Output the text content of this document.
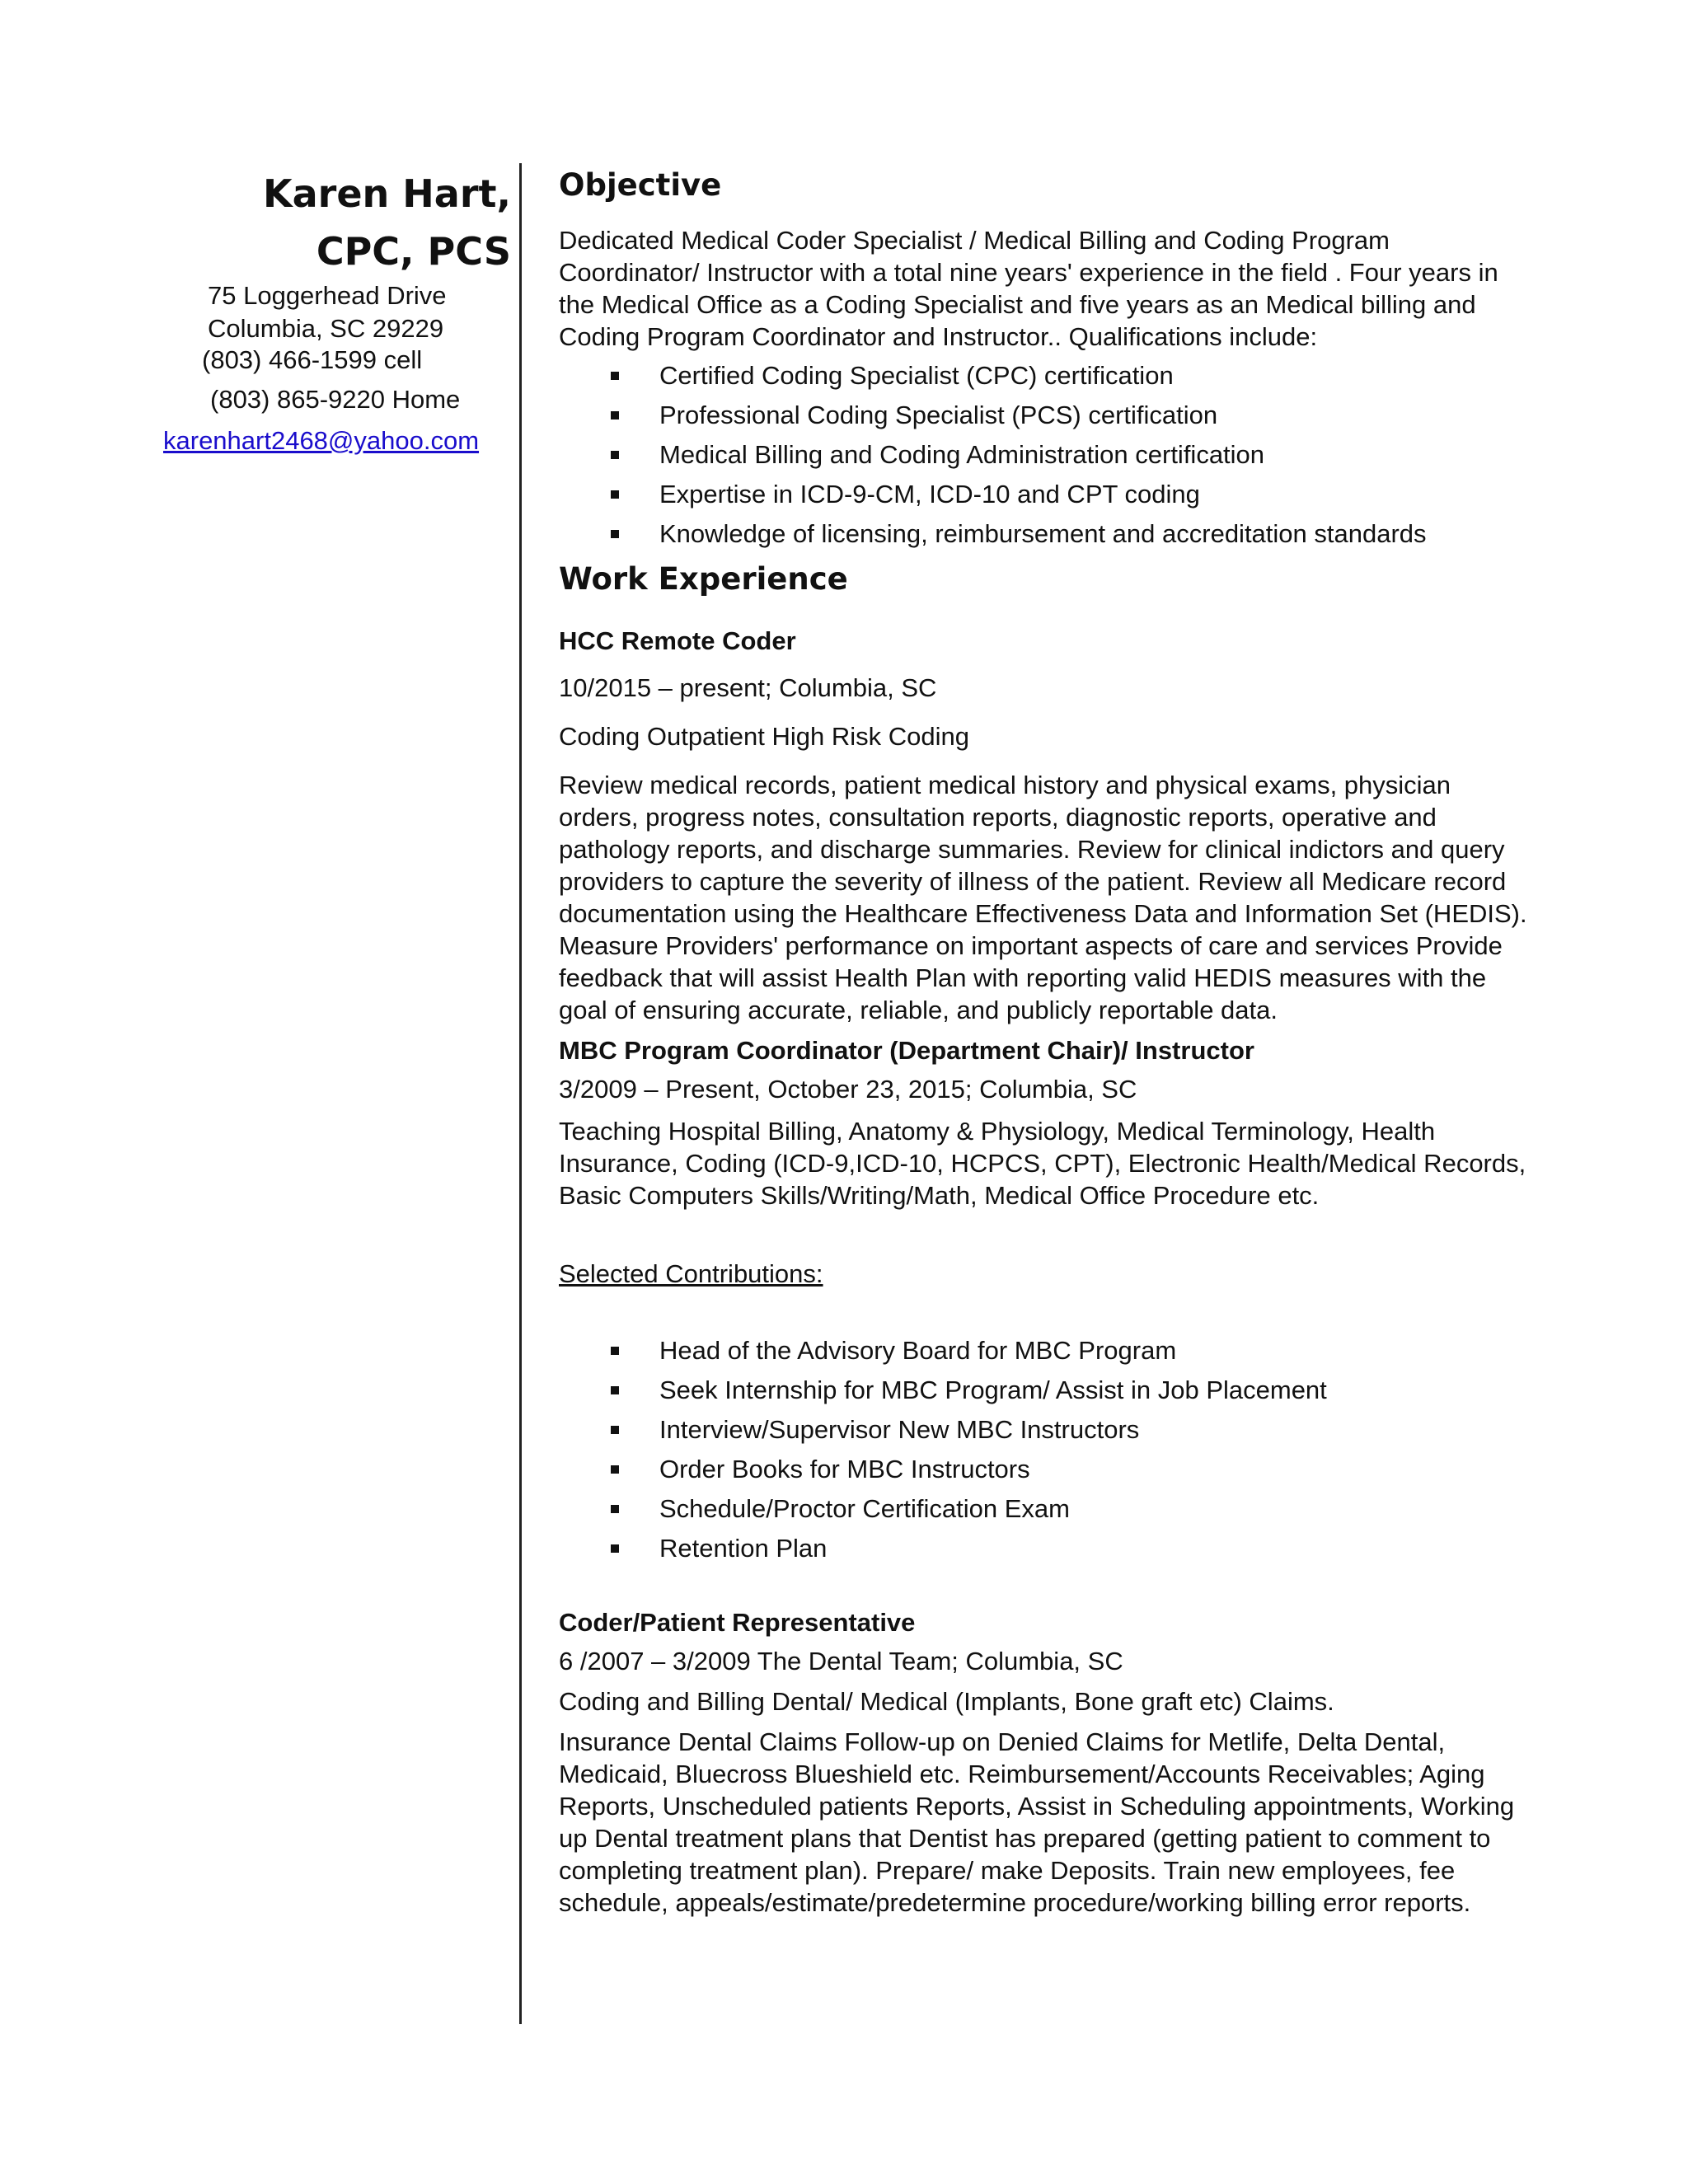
Karen Hart,

CPC, PCS

75 Loggerhead Drive
Columbia, SC 29229
(803) 466-1599 cell
(803) 865-9220 Home
karenhart2468@yahoo.com

Objective

Dedicated Medical Coder Specialist / Medical Billing and Coding Program Coordinator/ Instructor with a total nine years' experience in the field . Four years in the Medical Office as a Coding Specialist and five years as an Medical billing and Coding Program Coordinator and Instructor.. Qualifications include:

Certified Coding Specialist (CPC) certification
Professional Coding Specialist (PCS) certification
Medical Billing and Coding Administration certification
Expertise in ICD-9-CM, ICD-10 and CPT coding
Knowledge of licensing, reimbursement and accreditation standards

Work Experience

HCC Remote Coder

10/2015 – present; Columbia, SC

Coding Outpatient High Risk Coding

Review medical records, patient medical history and physical exams, physician orders, progress notes, consultation reports, diagnostic reports, operative and pathology reports, and discharge summaries. Review for clinical indictors and query providers to capture the severity of illness of the patient. Review all Medicare record documentation using the Healthcare Effectiveness Data and Information Set (HEDIS). Measure Providers' performance on important aspects of care and services Provide feedback that will assist Health Plan with reporting valid HEDIS measures with the goal of ensuring accurate, reliable, and publicly reportable data.

MBC Program Coordinator (Department Chair)/ Instructor

3/2009 – Present, October 23, 2015; Columbia, SC

Teaching Hospital Billing, Anatomy & Physiology, Medical Terminology, Health Insurance, Coding (ICD-9,ICD-10, HCPCS, CPT), Electronic Health/Medical Records, Basic Computers Skills/Writing/Math, Medical Office Procedure etc.

Selected Contributions:

Head of the Advisory Board for MBC Program
Seek Internship for MBC Program/ Assist in Job Placement
Interview/Supervisor New MBC Instructors
Order Books for MBC Instructors
Schedule/Proctor Certification Exam
Retention Plan

Coder/Patient Representative

6 /2007 – 3/2009 The Dental Team; Columbia, SC

Coding and Billing Dental/ Medical (Implants, Bone graft etc) Claims.

Insurance Dental Claims Follow-up on Denied Claims for Metlife, Delta Dental, Medicaid, Bluecross Blueshield etc. Reimbursement/Accounts Receivables; Aging Reports, Unscheduled patients Reports, Assist in Scheduling appointments, Working up Dental treatment plans that Dentist has prepared (getting patient to comment to completing treatment plan). Prepare/ make Deposits. Train new employees, fee schedule, appeals/estimate/predetermine procedure/working billing error reports.
